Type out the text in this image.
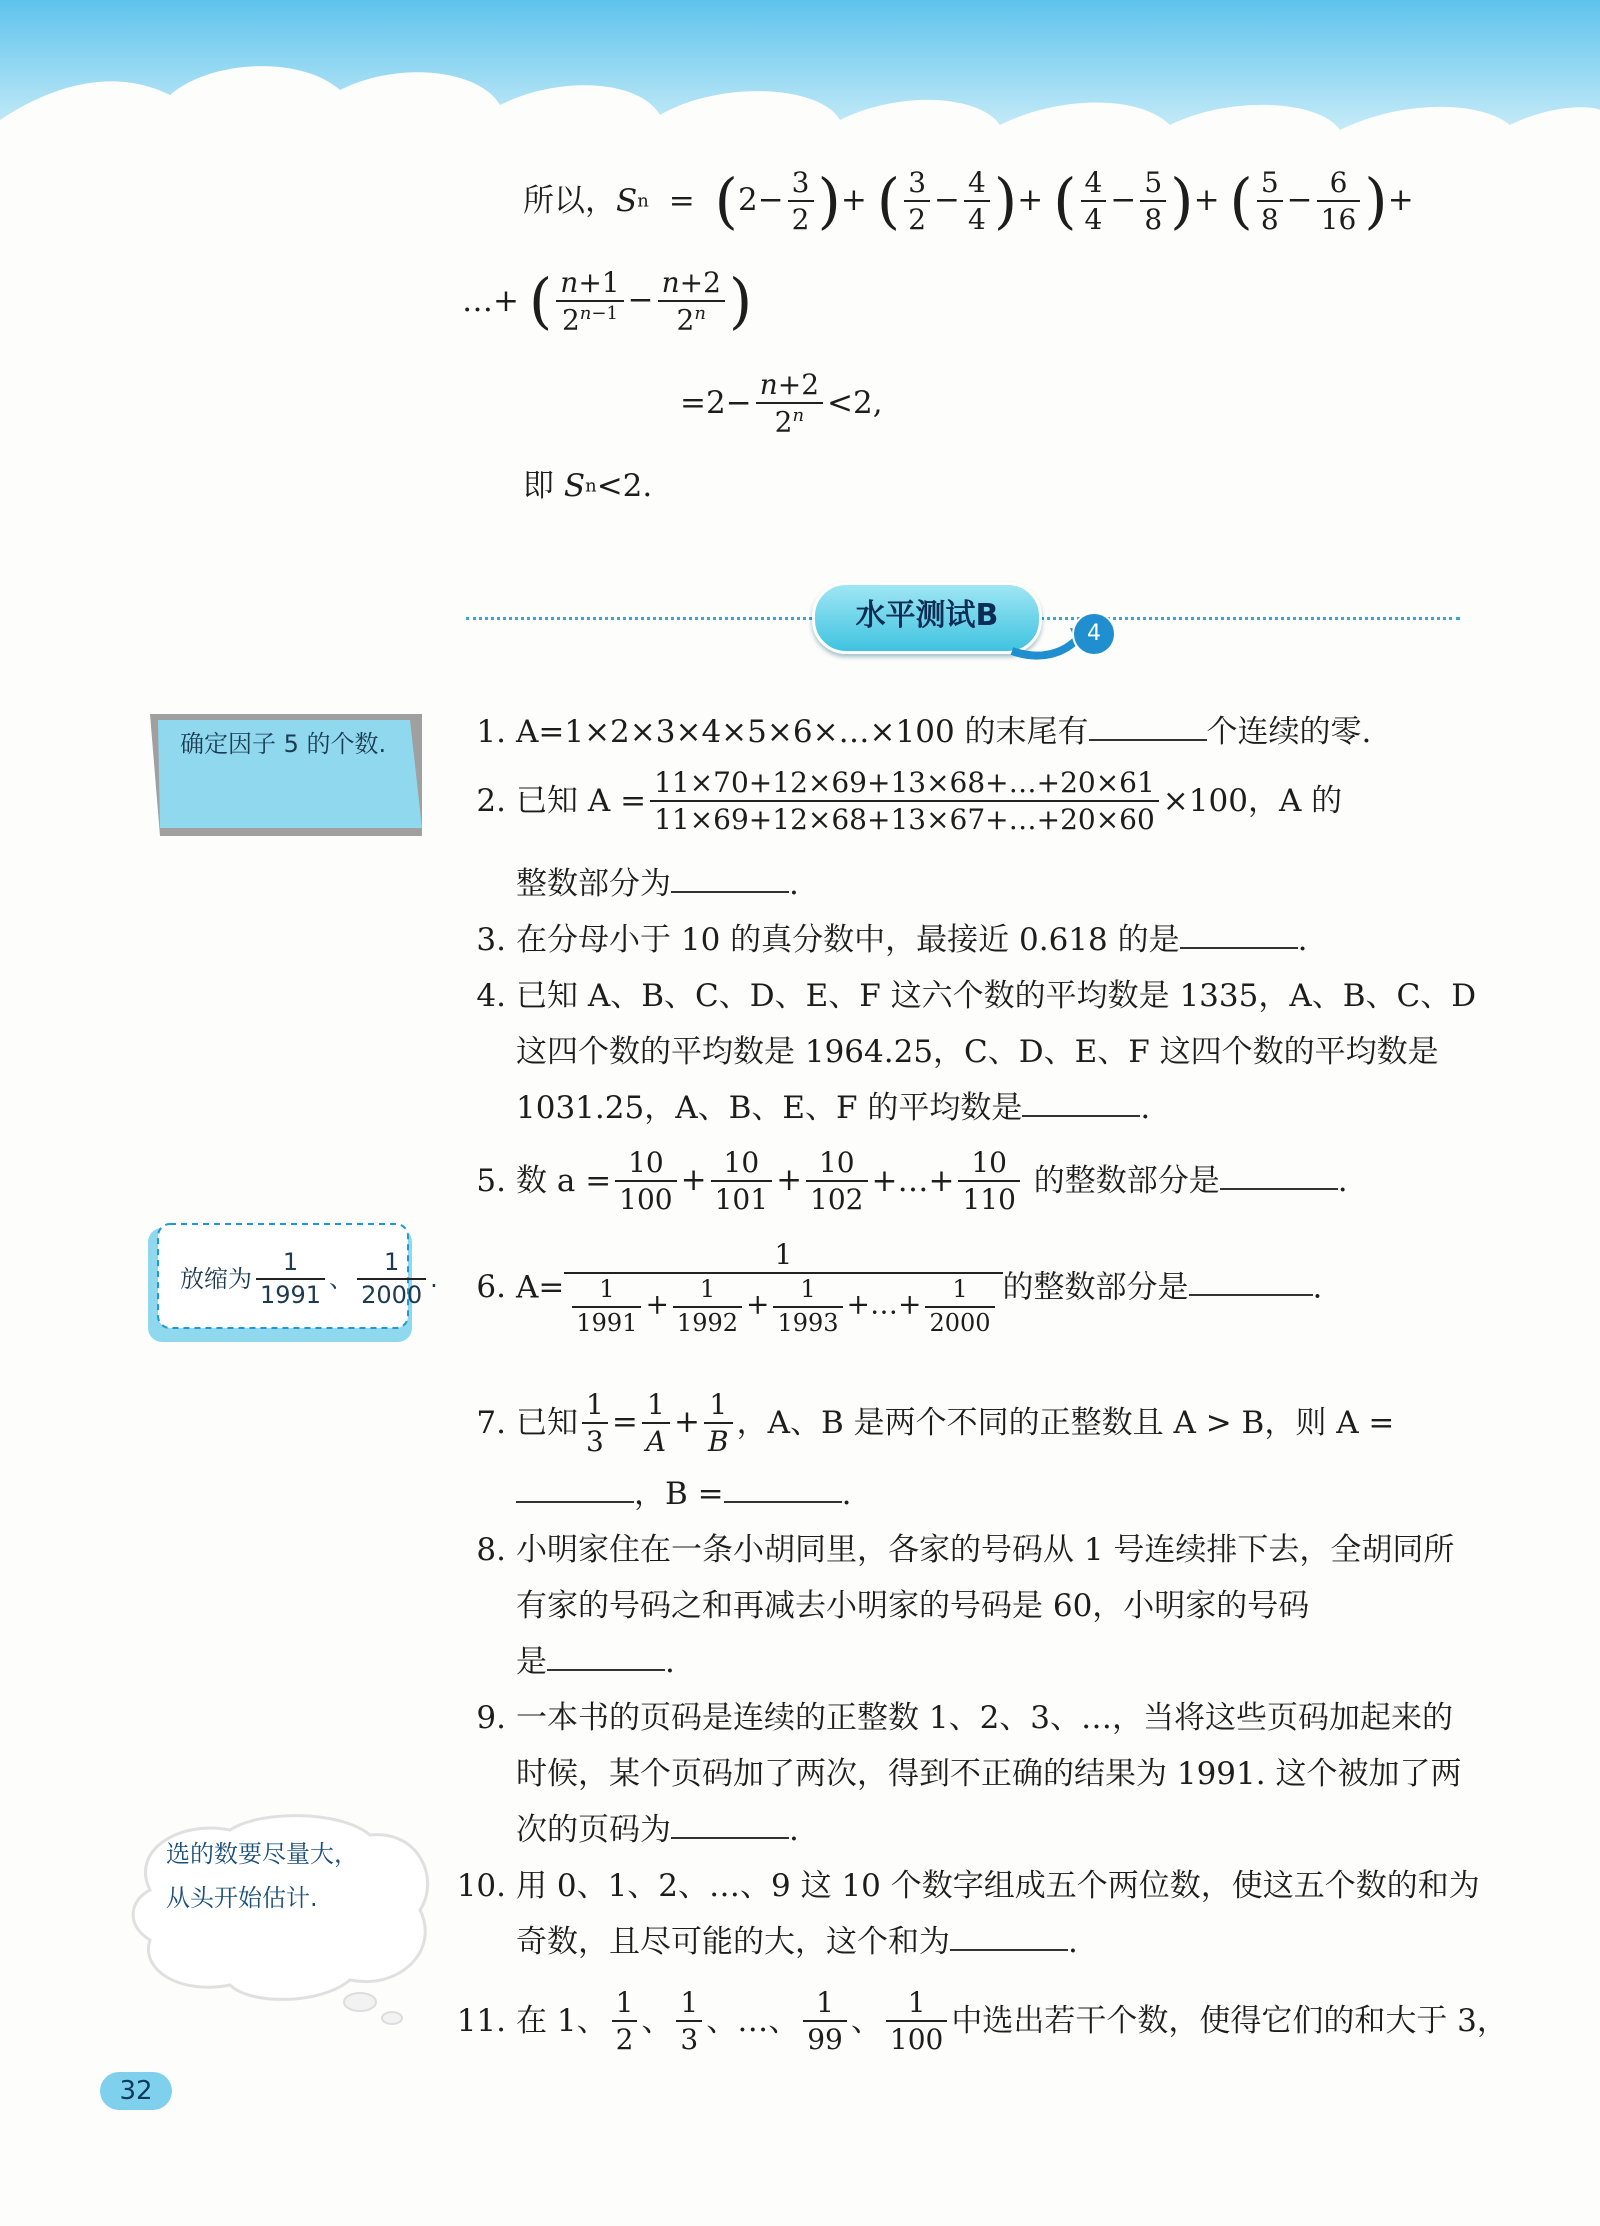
所以，$Sn = (2- \frac{3}{2}$ )+ ( $\frac{3}{2} - \frac{4}{4}$ )+ ( $\frac{4}{4} - \frac{5}{8}$ )+ ( $\frac{5}{8} - \frac{6}{16}$ )+
…+ ( $\frac{n+1}{2^{n-1}} - \frac{n+2}{2^n}$ )
$=2- \frac{n+2}{2^n} <2$,
即 Sn<2.
水平测试B
4
确定因子 5 的个数.
放缩为 $\frac{1}{1991}$ 、 $\frac{1}{2000}$ .
选的数要尽量大，
从头开始估计.
1. A=1×2×3×4×5×6×…×100 的末尾有	个连续的零.
2. 已知 $A = \frac{11\times 70+12\times 69+13\times 68+\dots+20\times 61}{11\times 69+12\times 68+13\times 67+\dots+20\times 60} \times 100$，A 的
整数部分为	.
3. 在分母小于 10 的真分数中，最接近 0.618 的是	.
4. 已知 A、B、C、D、E、F 这六个数的平均数是 1335，A、B、C、D
这四个数的平均数是 1964.25，C、D、E、F 这四个数的平均数是
1031.25，A、B、E、F 的平均数是	.
5. 数 $a = \frac{10}{100} + \frac{10}{101} + \frac{10}{102}$ +…+ $\frac{10}{110}$ 的整数部分是	.
6. $A= \frac{1}{\frac{1}{1991} + \frac{1}{1992} + \frac{1}{1993} +\dots+ \frac{1}{2000}}$ 的整数部分是	.
7. 已知 $\frac{1}{3} = \frac{1}{A} + \frac{1}{B}$ ，A、B 是两个不同的正整数且 A > B，则 A =
，B =	.
8. 小明家住在一条小胡同里，各家的号码从 1 号连续排下去，全胡同所
有家的号码之和再减去小明家的号码是 60，小明家的号码
是	.
9. 一本书的页码是连续的正整数 1、2、3、…，当将这些页码加起来的
时候，某个页码加了两次，得到不正确的结果为 1991. 这个被加了两
次的页码为	.
10. 用 0、1、2、…、9 这 10 个数字组成五个两位数，使这五个数的和为
奇数，且尽可能的大，这个和为	.
11. 在 1、 $\frac{1}{2}$ 、 $\frac{1}{3}$ 、…、 $\frac{1}{99}$ 、 $\frac{1}{100}$ 中选出若干个数，使得它们的和大于 3，
32
